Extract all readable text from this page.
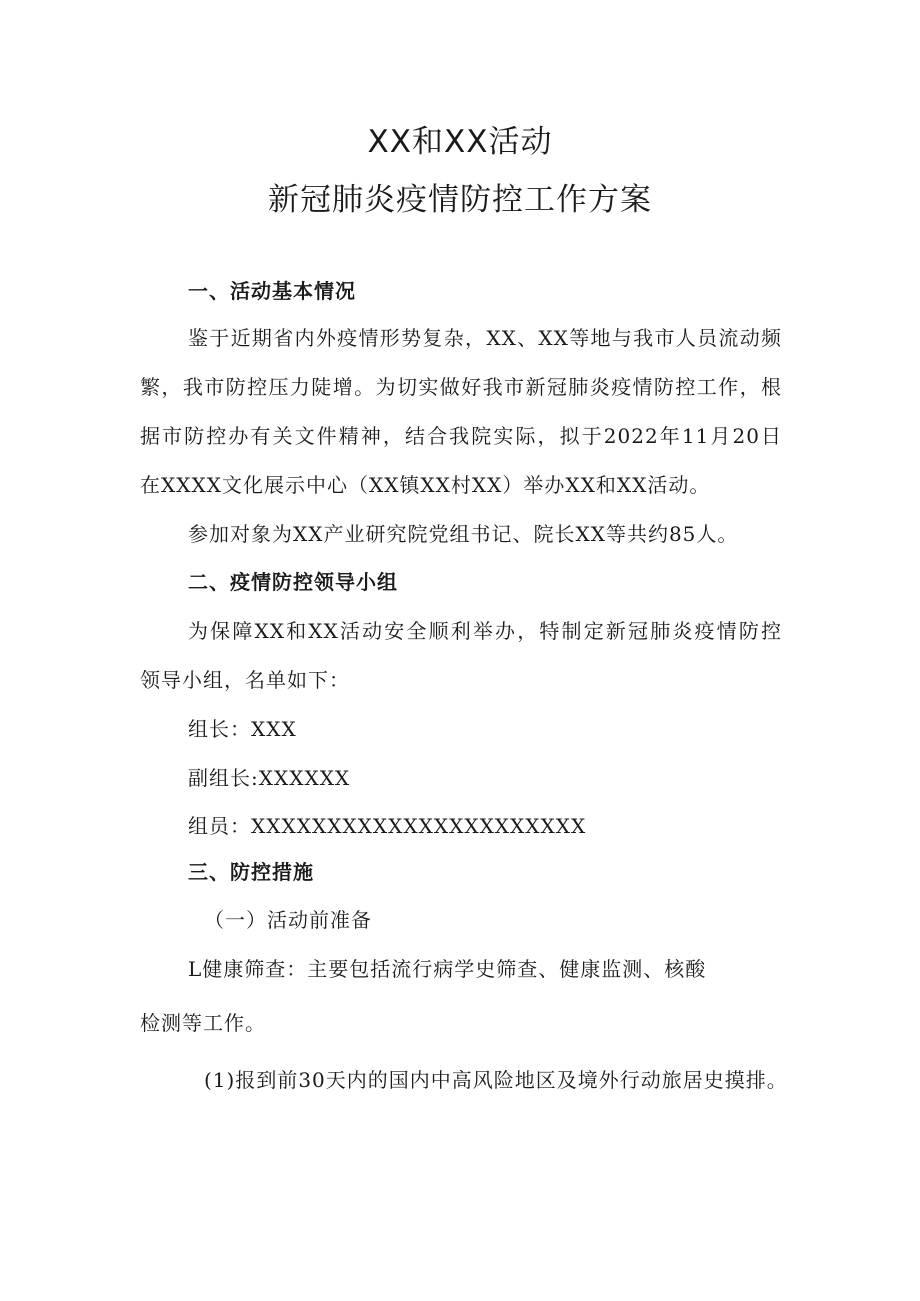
XX和XX活动
新冠肺炎疫情防控工作方案
一、活动基本情况
鉴于近期省内外疫情形势复杂，XX、XX等地与我市人员流动频
繁，我市防控压力陡增。为切实做好我市新冠肺炎疫情防控工作，根
据市防控办有关文件精神，结合我院实际，拟于2022年11月20日
在XXXX文化展示中心（XX镇XX村XX）举办XX和XX活动。
参加对象为XX产业研究院党组书记、院长XX等共约85人。
二、疫情防控领导小组
为保障XX和XX活动安全顺利举办，特制定新冠肺炎疫情防控
领导小组，名单如下：
组长：XXX
副组长:XXXXXX
组员：XXXXXXXXXXXXXXXXXXXXXX
三、防控措施
（一）活动前准备
L健康筛查：主要包括流行病学史筛查、健康监测、核酸
检测等工作。
(1)报到前30天内的国内中高风险地区及境外行动旅居史摸排。
